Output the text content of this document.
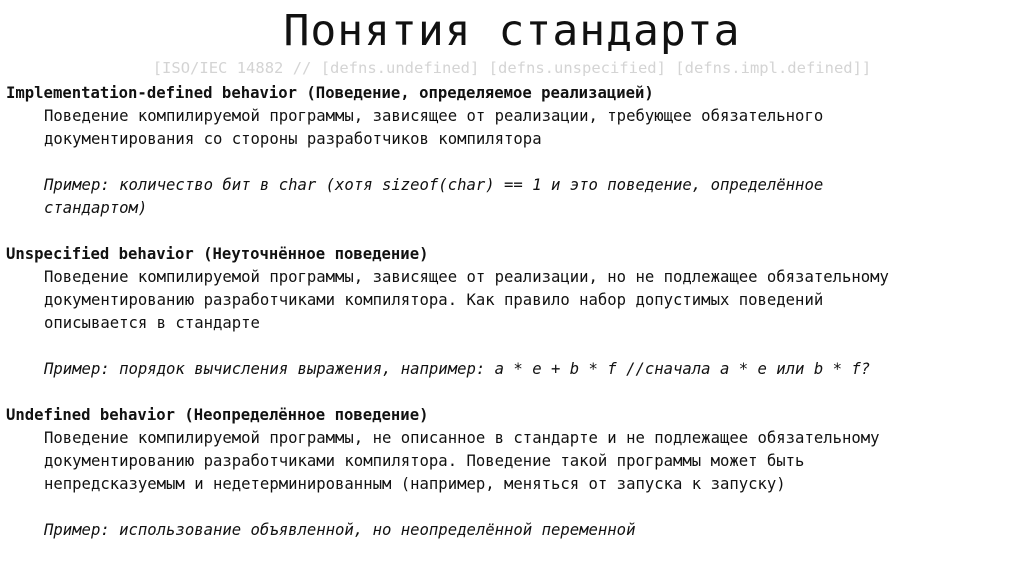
Понятия стандарта
[ISO/IEC 14882 // [defns.undefined] [defns.unspecified] [defns.impl.defined]]
Implementation-defined behavior (Поведение, определяемое реализацией)
Поведение компилируемой программы, зависящее от реализации, требующее обязательного
документирования со стороны разработчиков компилятора
Пример: количество бит в char (хотя sizeof(char) == 1 и это поведение, определённое
стандартом)
Unspecified behavior (Неуточнённое поведение)
Поведение компилируемой программы, зависящее от реализации, но не подлежащее обязательному
документированию разработчиками компилятора. Как правило набор допустимых поведений
описывается в стандарте
Пример: порядок вычисления выражения, например: a * e + b * f //сначала a * e или b * f?
Undefined behavior (Неопределённое поведение)
Поведение компилируемой программы, не описанное в стандарте и не подлежащее обязательному
документированию разработчиками компилятора. Поведение такой программы может быть
непредсказуемым и недетерминированным (например, меняться от запуска к запуску)
Пример: использование объявленной, но неопределённой переменной
